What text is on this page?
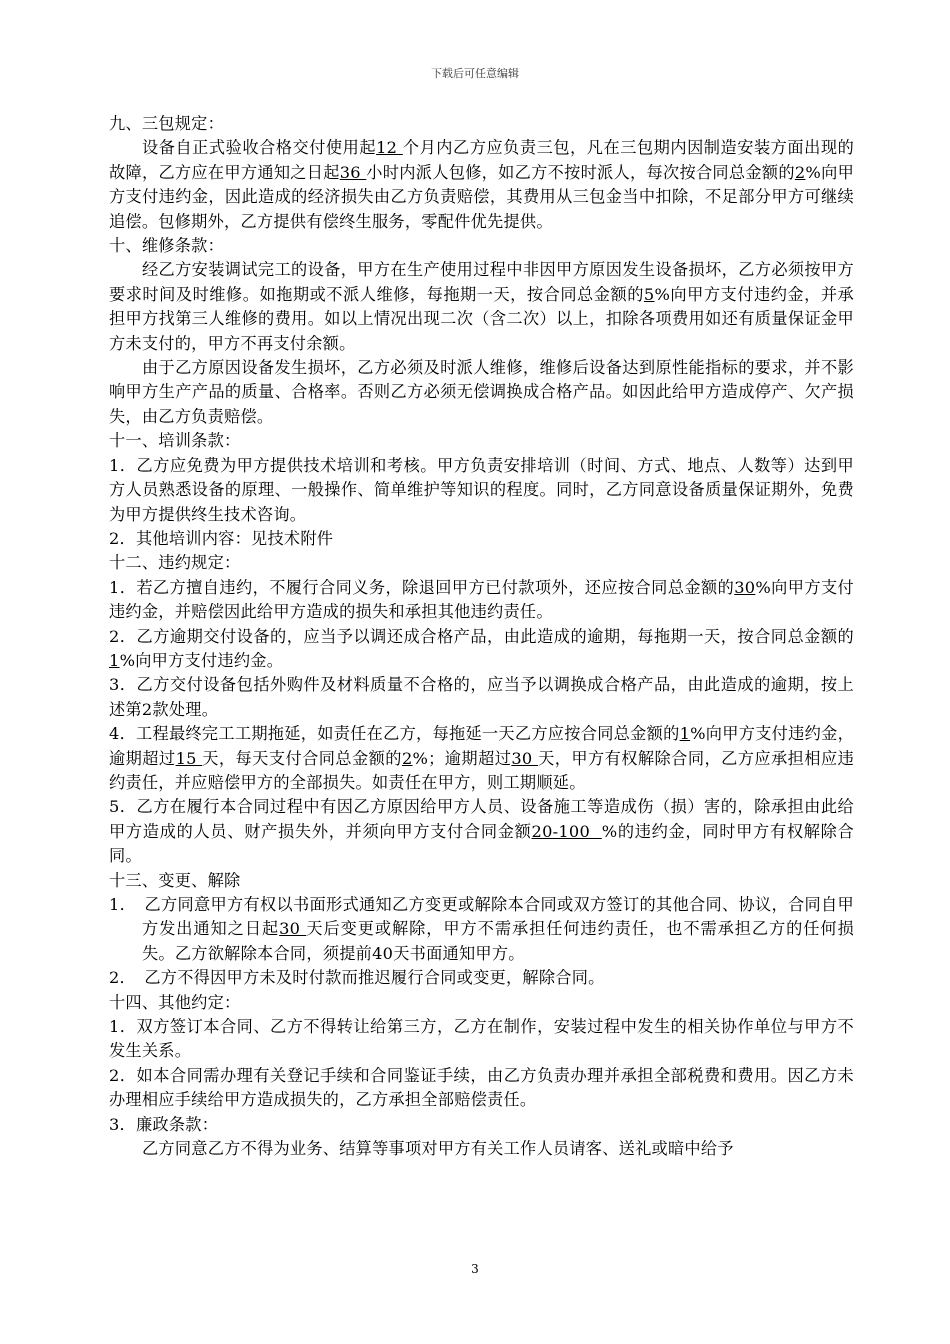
下载后可任意编辑

九、三包规定：

设备自正式验收合格交付使用起12 个月内乙方应负责三包，凡在三包期内因制造安装方面出现的故障，乙方应在甲方通知之日起36 小时内派人包修，如乙方不按时派人，每次按合同总金额的2%向甲方支付违约金，因此造成的经济损失由乙方负责赔偿，其费用从三包金当中扣除，不足部分甲方可继续追偿。包修期外，乙方提供有偿终生服务，零配件优先提供。

十、维修条款：

经乙方安装调试完工的设备，甲方在生产使用过程中非因甲方原因发生设备损坏，乙方必须按甲方要求时间及时维修。如拖期或不派人维修，每拖期一天，按合同总金额的5%向甲方支付违约金，并承担甲方找第三人维修的费用。如以上情况出现二次（含二次）以上，扣除各项费用如还有质量保证金甲方未支付的，甲方不再支付余额。

由于乙方原因设备发生损坏，乙方必须及时派人维修，维修后设备达到原性能指标的要求，并不影响甲方生产产品的质量、合格率。否则乙方必须无偿调换成合格产品。如因此给甲方造成停产、欠产损失，由乙方负责赔偿。

十一、培训条款：

1．乙方应免费为甲方提供技术培训和考核。甲方负责安排培训（时间、方式、地点、人数等）达到甲方人员熟悉设备的原理、一般操作、简单维护等知识的程度。同时，乙方同意设备质量保证期外，免费为甲方提供终生技术咨询。

2．其他培训内容：见技术附件

十二、违约规定：

1．若乙方擅自违约，不履行合同义务，除退回甲方已付款项外，还应按合同总金额的30%向甲方支付违约金，并赔偿因此给甲方造成的损失和承担其他违约责任。

2．乙方逾期交付设备的，应当予以调还成合格产品，由此造成的逾期，每拖期一天，按合同总金额的1%向甲方支付违约金。

3．乙方交付设备包括外购件及材料质量不合格的，应当予以调换成合格产品，由此造成的逾期，按上述第2款处理。

4．工程最终完工工期拖延，如责任在乙方，每拖延一天乙方应按合同总金额的1%向甲方支付违约金，逾期超过15 天，每天支付合同总金额的2%；逾期超过30 天，甲方有权解除合同，乙方应承担相应违约责任，并应赔偿甲方的全部损失。如责任在甲方，则工期顺延。

5．乙方在履行本合同过程中有因乙方原因给甲方人员、设备施工等造成伤（损）害的，除承担由此给甲方造成的人员、财产损失外，并须向甲方支付合同金额20-100  %的违约金，同时甲方有权解除合同。

十三、变更、解除

1．　乙方同意甲方有权以书面形式通知乙方变更或解除本合同或双方签订的其他合同、协议，合同自甲方发出通知之日起30 天后变更或解除，甲方不需承担任何违约责任，也不需承担乙方的任何损失。乙方欲解除本合同，须提前40天书面通知甲方。

2．　乙方不得因甲方未及时付款而推迟履行合同或变更，解除合同。

十四、其他约定：

1．双方签订本合同、乙方不得转让给第三方，乙方在制作，安装过程中发生的相关协作单位与甲方不发生关系。

2．如本合同需办理有关登记手续和合同鉴证手续，由乙方负责办理并承担全部税费和费用。因乙方未办理相应手续给甲方造成损失的，乙方承担全部赔偿责任。

3．廉政条款：

乙方同意乙方不得为业务、结算等事项对甲方有关工作人员请客、送礼或暗中给予

3
